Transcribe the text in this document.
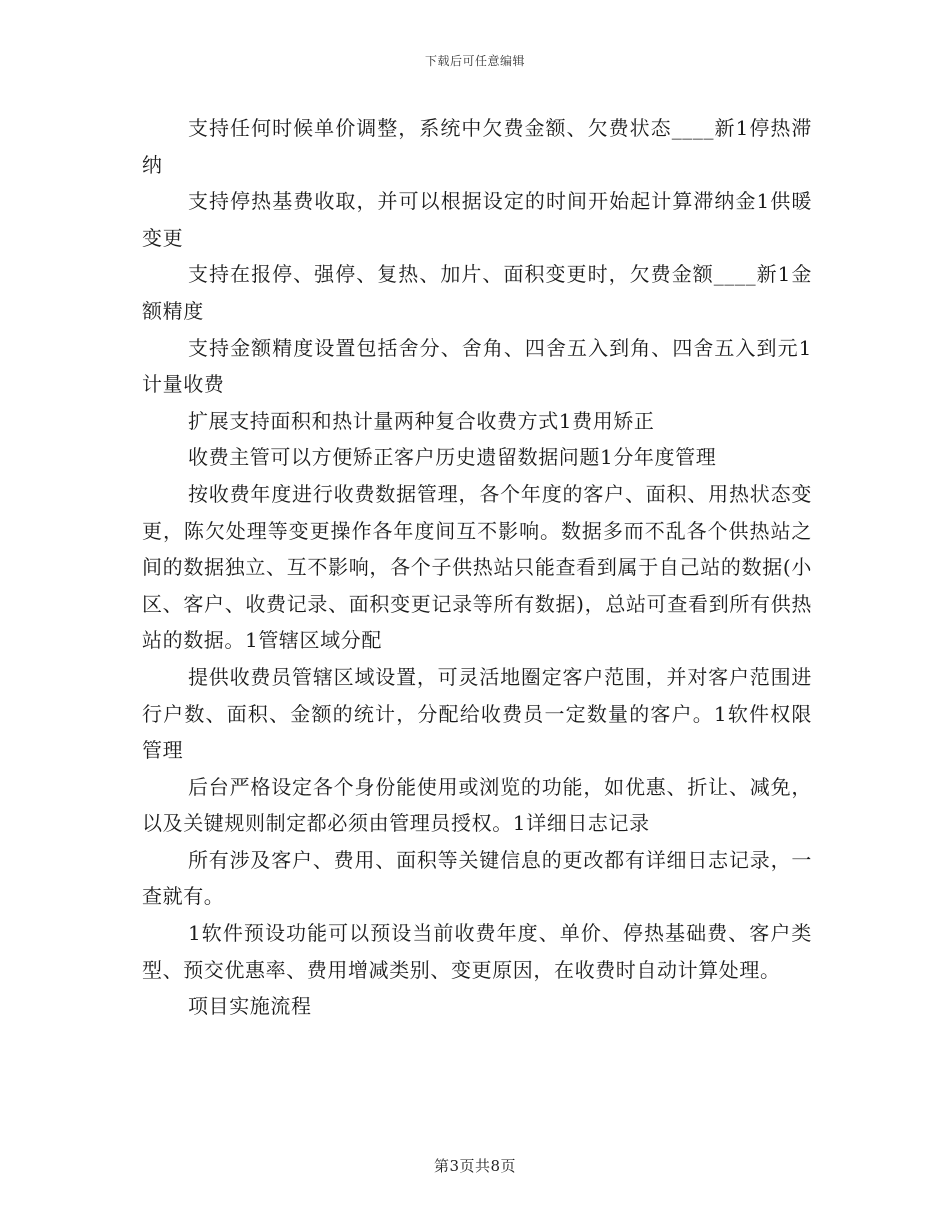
下载后可任意编辑

支持任何时候单价调整，系统中欠费金额、欠费状态____新1停热滞纳

支持停热基费收取，并可以根据设定的时间开始起计算滞纳金1供暖变更

支持在报停、强停、复热、加片、面积变更时，欠费金额____新1金额精度

支持金额精度设置包括舍分、舍角、四舍五入到角、四舍五入到元1计量收费

扩展支持面积和热计量两种复合收费方式1费用矫正

收费主管可以方便矫正客户历史遗留数据问题1分年度管理

按收费年度进行收费数据管理，各个年度的客户、面积、用热状态变更，陈欠处理等变更操作各年度间互不影响。数据多而不乱各个供热站之间的数据独立、互不影响，各个子供热站只能查看到属于自己站的数据(小区、客户、收费记录、面积变更记录等所有数据)，总站可查看到所有供热站的数据。1管辖区域分配

提供收费员管辖区域设置，可灵活地圈定客户范围，并对客户范围进行户数、面积、金额的统计，分配给收费员一定数量的客户。1软件权限管理

后台严格设定各个身份能使用或浏览的功能，如优惠、折让、减免，以及关键规则制定都必须由管理员授权。1详细日志记录

所有涉及客户、费用、面积等关键信息的更改都有详细日志记录，一查就有。

1软件预设功能可以预设当前收费年度、单价、停热基础费、客户类型、预交优惠率、费用增减类别、变更原因，在收费时自动计算处理。

项目实施流程

第3页共8页
